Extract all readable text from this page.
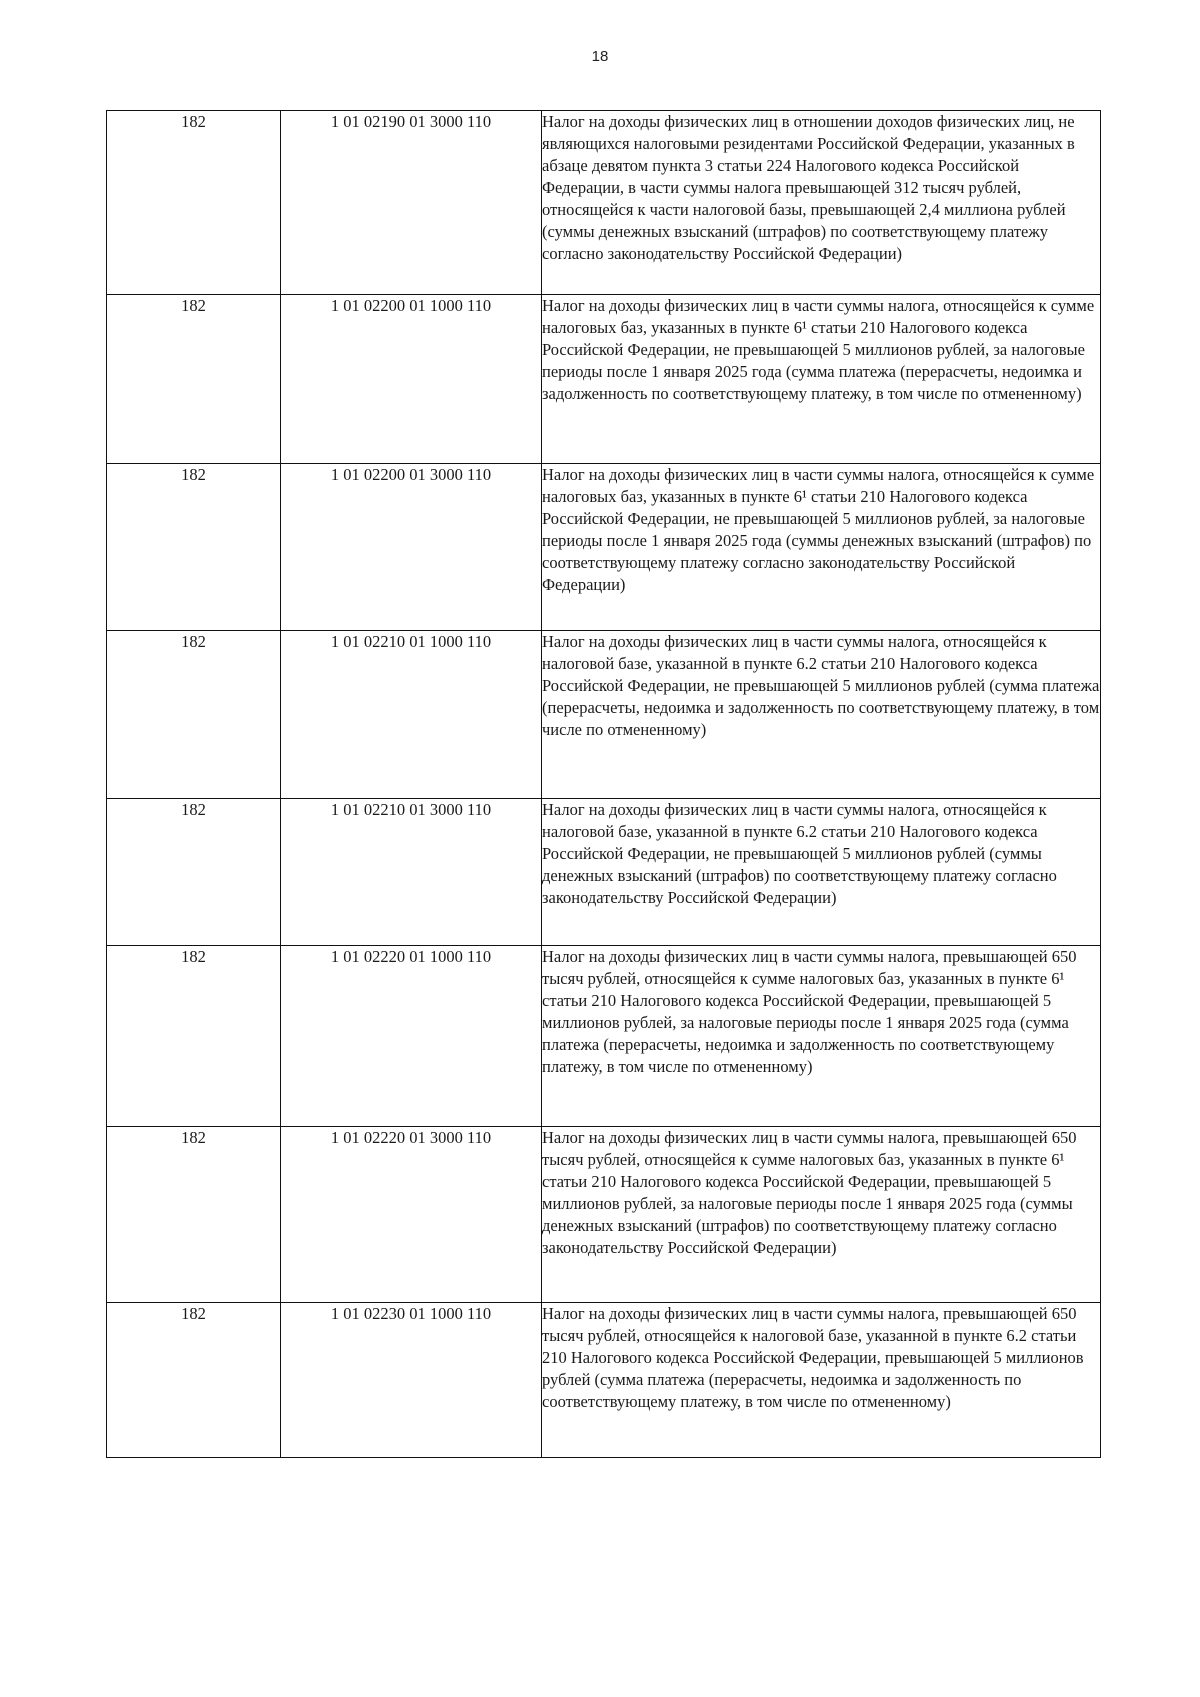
18
182	1 01 02190 01 3000 110	Налог на доходы физических лиц в отношении доходов физических лиц, не являющихся налоговыми резидентами Российской Федерации, указанных в абзаце девятом пункта 3 статьи 224 Налогового кодекса Российской Федерации, в части суммы налога превышающей 312 тысяч рублей, относящейся к части налоговой базы, превышающей 2,4 миллиона рублей (суммы денежных взысканий (штрафов) по соответствующему платежу согласно законодательству Российской Федерации)
182	1 01 02200 01 1000 110	Налог на доходы физических лиц в части суммы налога, относящейся к сумме налоговых баз, указанных в пункте 6¹ статьи 210 Налогового кодекса Российской Федерации, не превышающей 5 миллионов рублей, за налоговые периоды после 1 января 2025 года (сумма платежа (перерасчеты, недоимка и задолженность по соответствующему платежу, в том числе по отмененному)
182	1 01 02200 01 3000 110	Налог на доходы физических лиц в части суммы налога, относящейся к сумме налоговых баз, указанных в пункте 6¹ статьи 210 Налогового кодекса Российской Федерации, не превышающей 5 миллионов рублей, за налоговые периоды после 1 января 2025 года (суммы денежных взысканий (штрафов) по соответствующему платежу согласно законодательству Российской Федерации)
182	1 01 02210 01 1000 110	Налог на доходы физических лиц в части суммы налога, относящейся к налоговой базе, указанной в пункте 6.2 статьи 210 Налогового кодекса Российской Федерации, не превышающей 5 миллионов рублей (сумма платежа (перерасчеты, недоимка и задолженность по соответствующему платежу, в том числе по отмененному)
182	1 01 02210 01 3000 110	Налог на доходы физических лиц в части суммы налога, относящейся к налоговой базе, указанной в пункте 6.2 статьи 210 Налогового кодекса Российской Федерации, не превышающей 5 миллионов рублей (суммы денежных взысканий (штрафов) по соответствующему платежу согласно законодательству Российской Федерации)
182	1 01 02220 01 1000 110	Налог на доходы физических лиц в части суммы налога, превышающей 650 тысяч рублей, относящейся к сумме налоговых баз, указанных в пункте 6¹ статьи 210 Налогового кодекса Российской Федерации, превышающей 5 миллионов рублей, за налоговые периоды после 1 января 2025 года (сумма платежа (перерасчеты, недоимка и задолженность по соответствующему платежу, в том числе по отмененному)
182	1 01 02220 01 3000 110	Налог на доходы физических лиц в части суммы налога, превышающей 650 тысяч рублей, относящейся к сумме налоговых баз, указанных в пункте 6¹ статьи 210 Налогового кодекса Российской Федерации, превышающей 5 миллионов рублей, за налоговые периоды после 1 января 2025 года (суммы денежных взысканий (штрафов) по соответствующему платежу согласно законодательству Российской Федерации)
182	1 01 02230 01 1000 110	Налог на доходы физических лиц в части суммы налога, превышающей 650 тысяч рублей, относящейся к налоговой базе, указанной в пункте 6.2 статьи 210 Налогового кодекса Российской Федерации, превышающей 5 миллионов рублей (сумма платежа (перерасчеты, недоимка и задолженность по соответствующему платежу, в том числе по отмененному)
